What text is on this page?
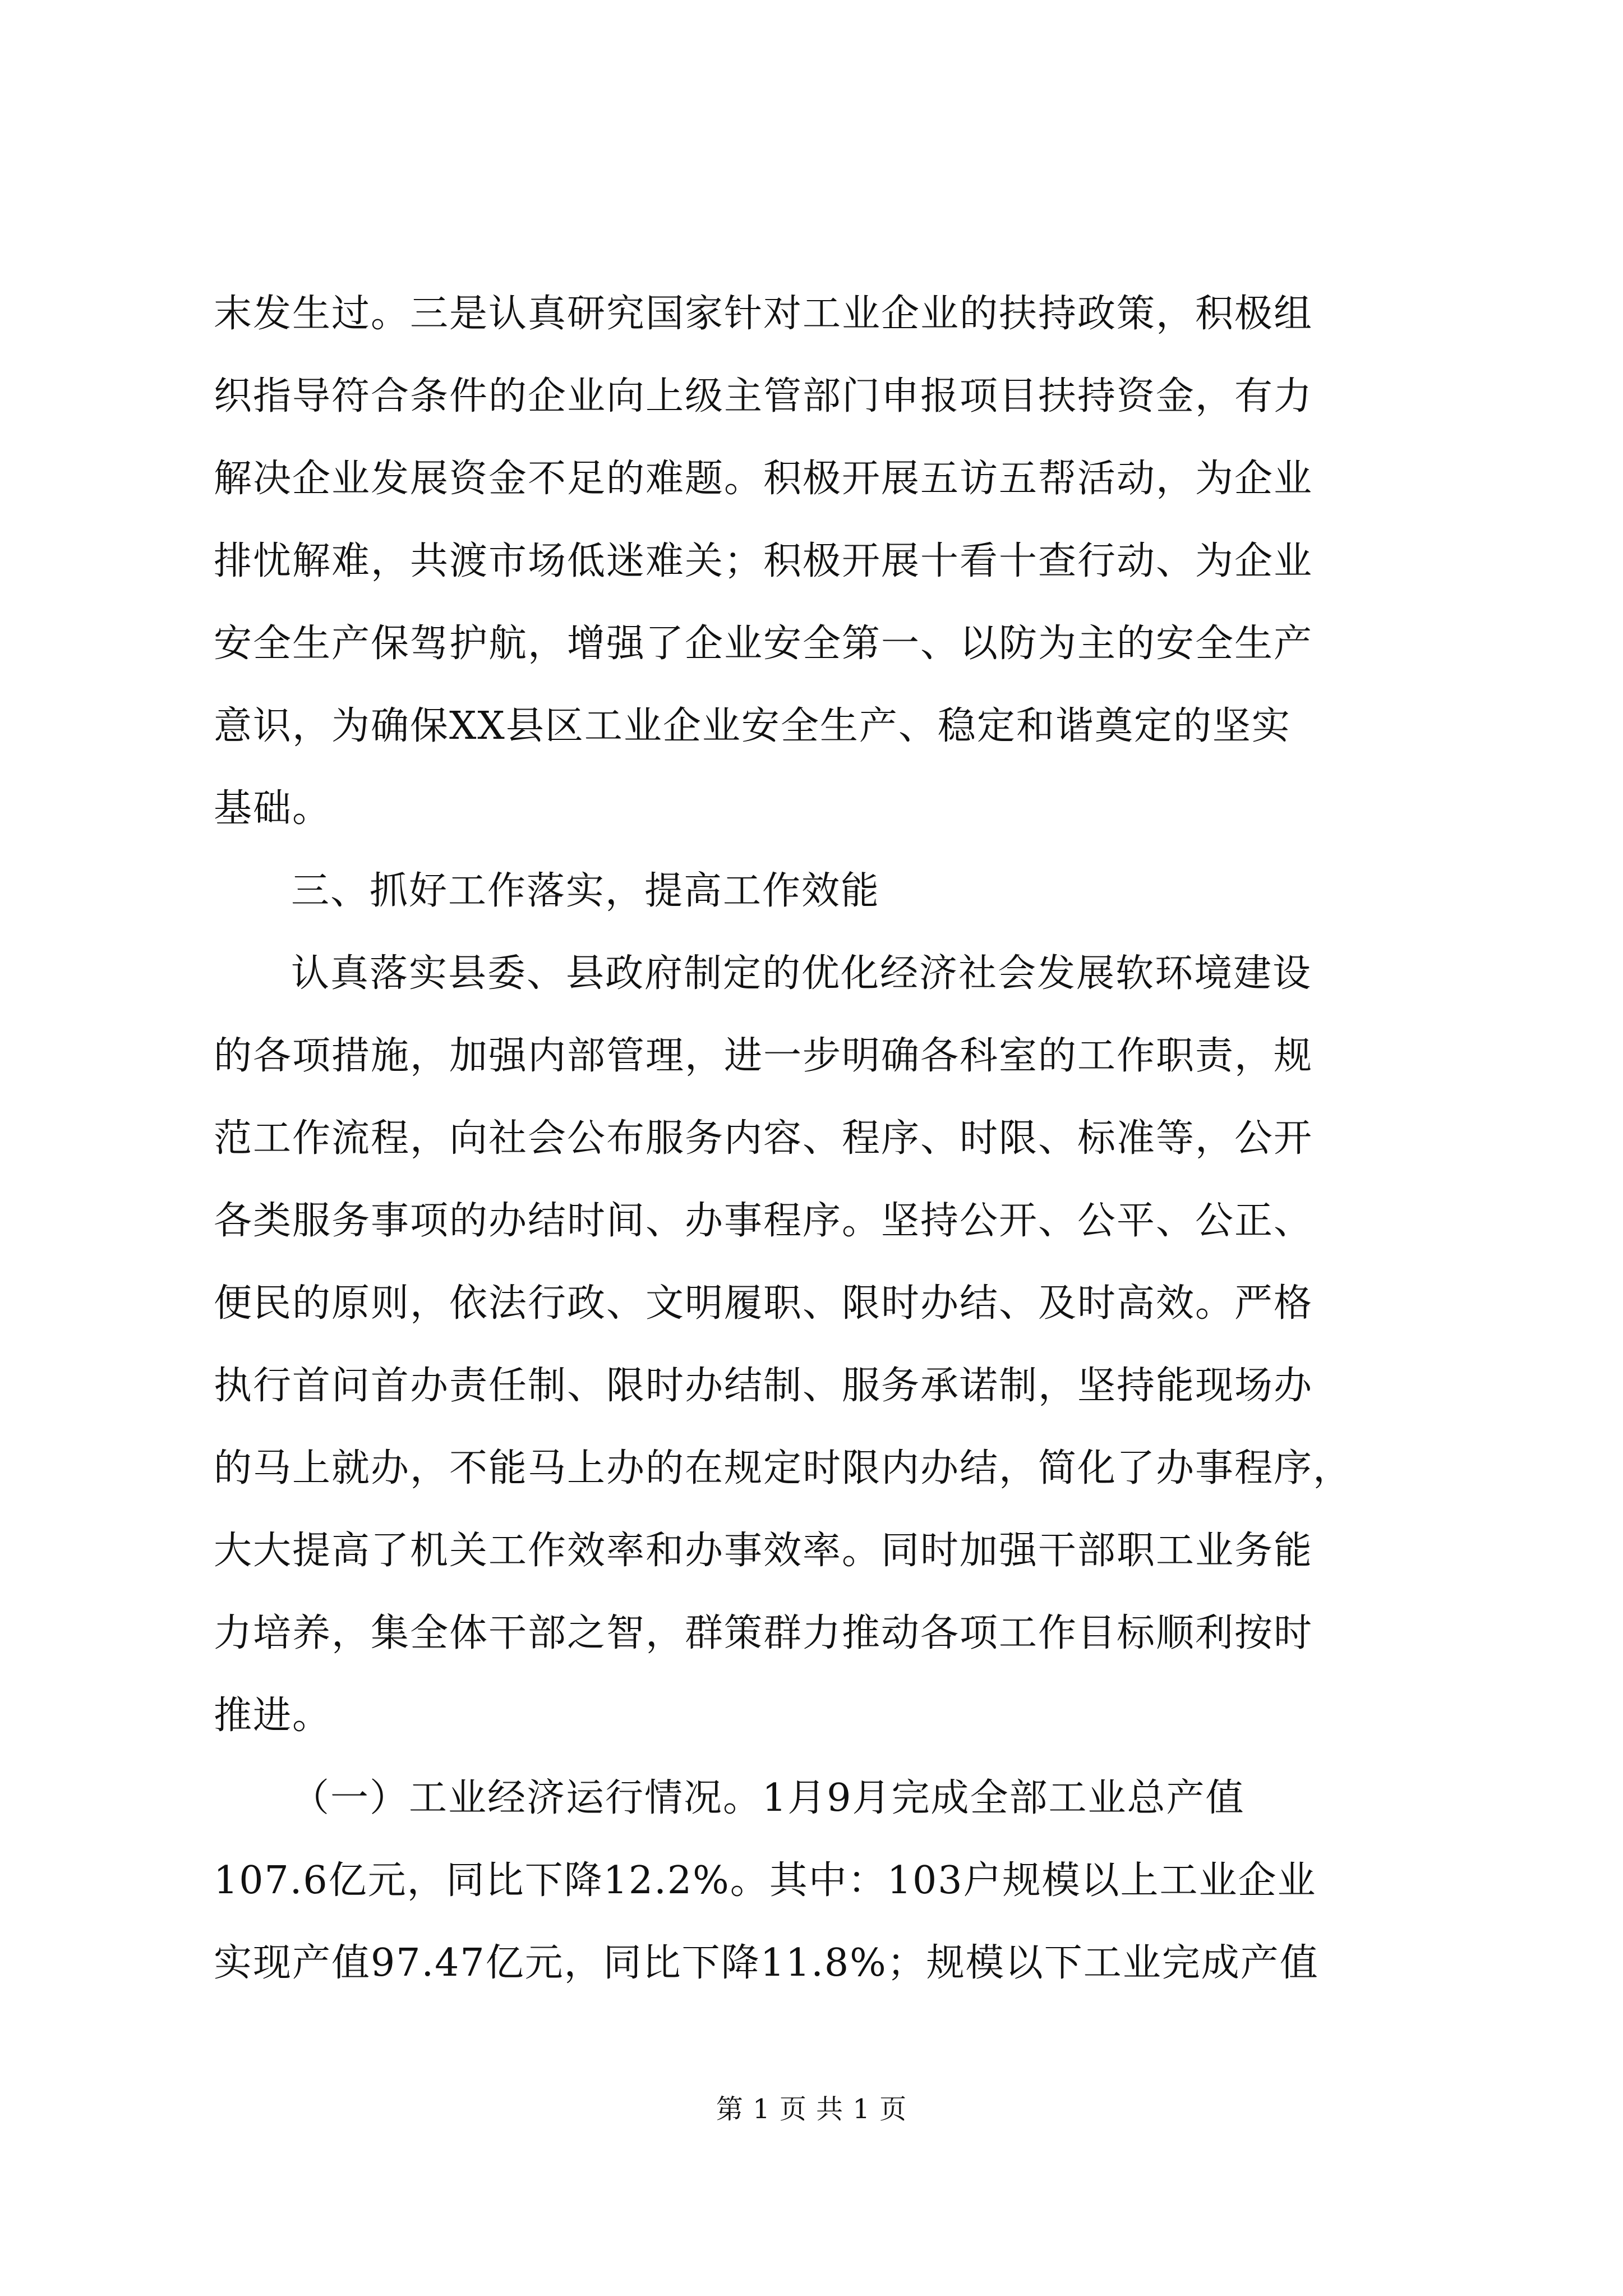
末发生过。三是认真研究国家针对工业企业的扶持政策，积极组
织指导符合条件的企业向上级主管部门申报项目扶持资金，有力
解决企业发展资金不足的难题。积极开展五访五帮活动，为企业
排忧解难，共渡市场低迷难关；积极开展十看十查行动、为企业
安全生产保驾护航，增强了企业安全第一、以防为主的安全生产
意识，为确保XX县区工业企业安全生产、稳定和谐奠定的坚实
基础。
三、抓好工作落实，提高工作效能
认真落实县委、县政府制定的优化经济社会发展软环境建设
的各项措施，加强内部管理，进一步明确各科室的工作职责，规
范工作流程，向社会公布服务内容、程序、时限、标准等，公开
各类服务事项的办结时间、办事程序。坚持公开、公平、公正、
便民的原则，依法行政、文明履职、限时办结、及时高效。严格
执行首问首办责任制、限时办结制、服务承诺制，坚持能现场办
的马上就办，不能马上办的在规定时限内办结，简化了办事程序，
大大提高了机关工作效率和办事效率。同时加强干部职工业务能
力培养，集全体干部之智，群策群力推动各项工作目标顺利按时
推进。
（一）工业经济运行情况。1月9月完成全部工业总产值
107.6亿元，同比下降12.2%。其中：103户规模以上工业企业
实现产值97.47亿元，同比下降11.8%；规模以下工业完成产值
第 1 页 共 1 页
